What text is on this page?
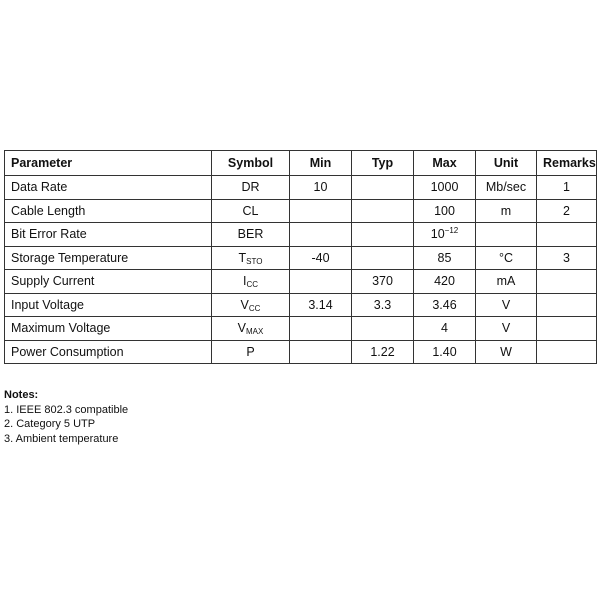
Parameter	Symbol	Min	Typ	Max	Unit	Remarks
Data Rate	DR	10		1000	Mb/sec	1
Cable Length	CL			100	m	2
Bit Error Rate	BER			$10^{-12}$		
Storage Temperature	$T_{STO}$	-40		85	°C	3
Supply Current	$I_{CC}$		370	420	mA	
Input Voltage	$V_{CC}$	3.14	3.3	3.46	V	
Maximum Voltage	$V_{MAX}$			4	V	
Power Consumption	P		1.22	1.40	W	
Notes:
1. IEEE 802.3 compatible
2. Category 5 UTP
3. Ambient temperature
